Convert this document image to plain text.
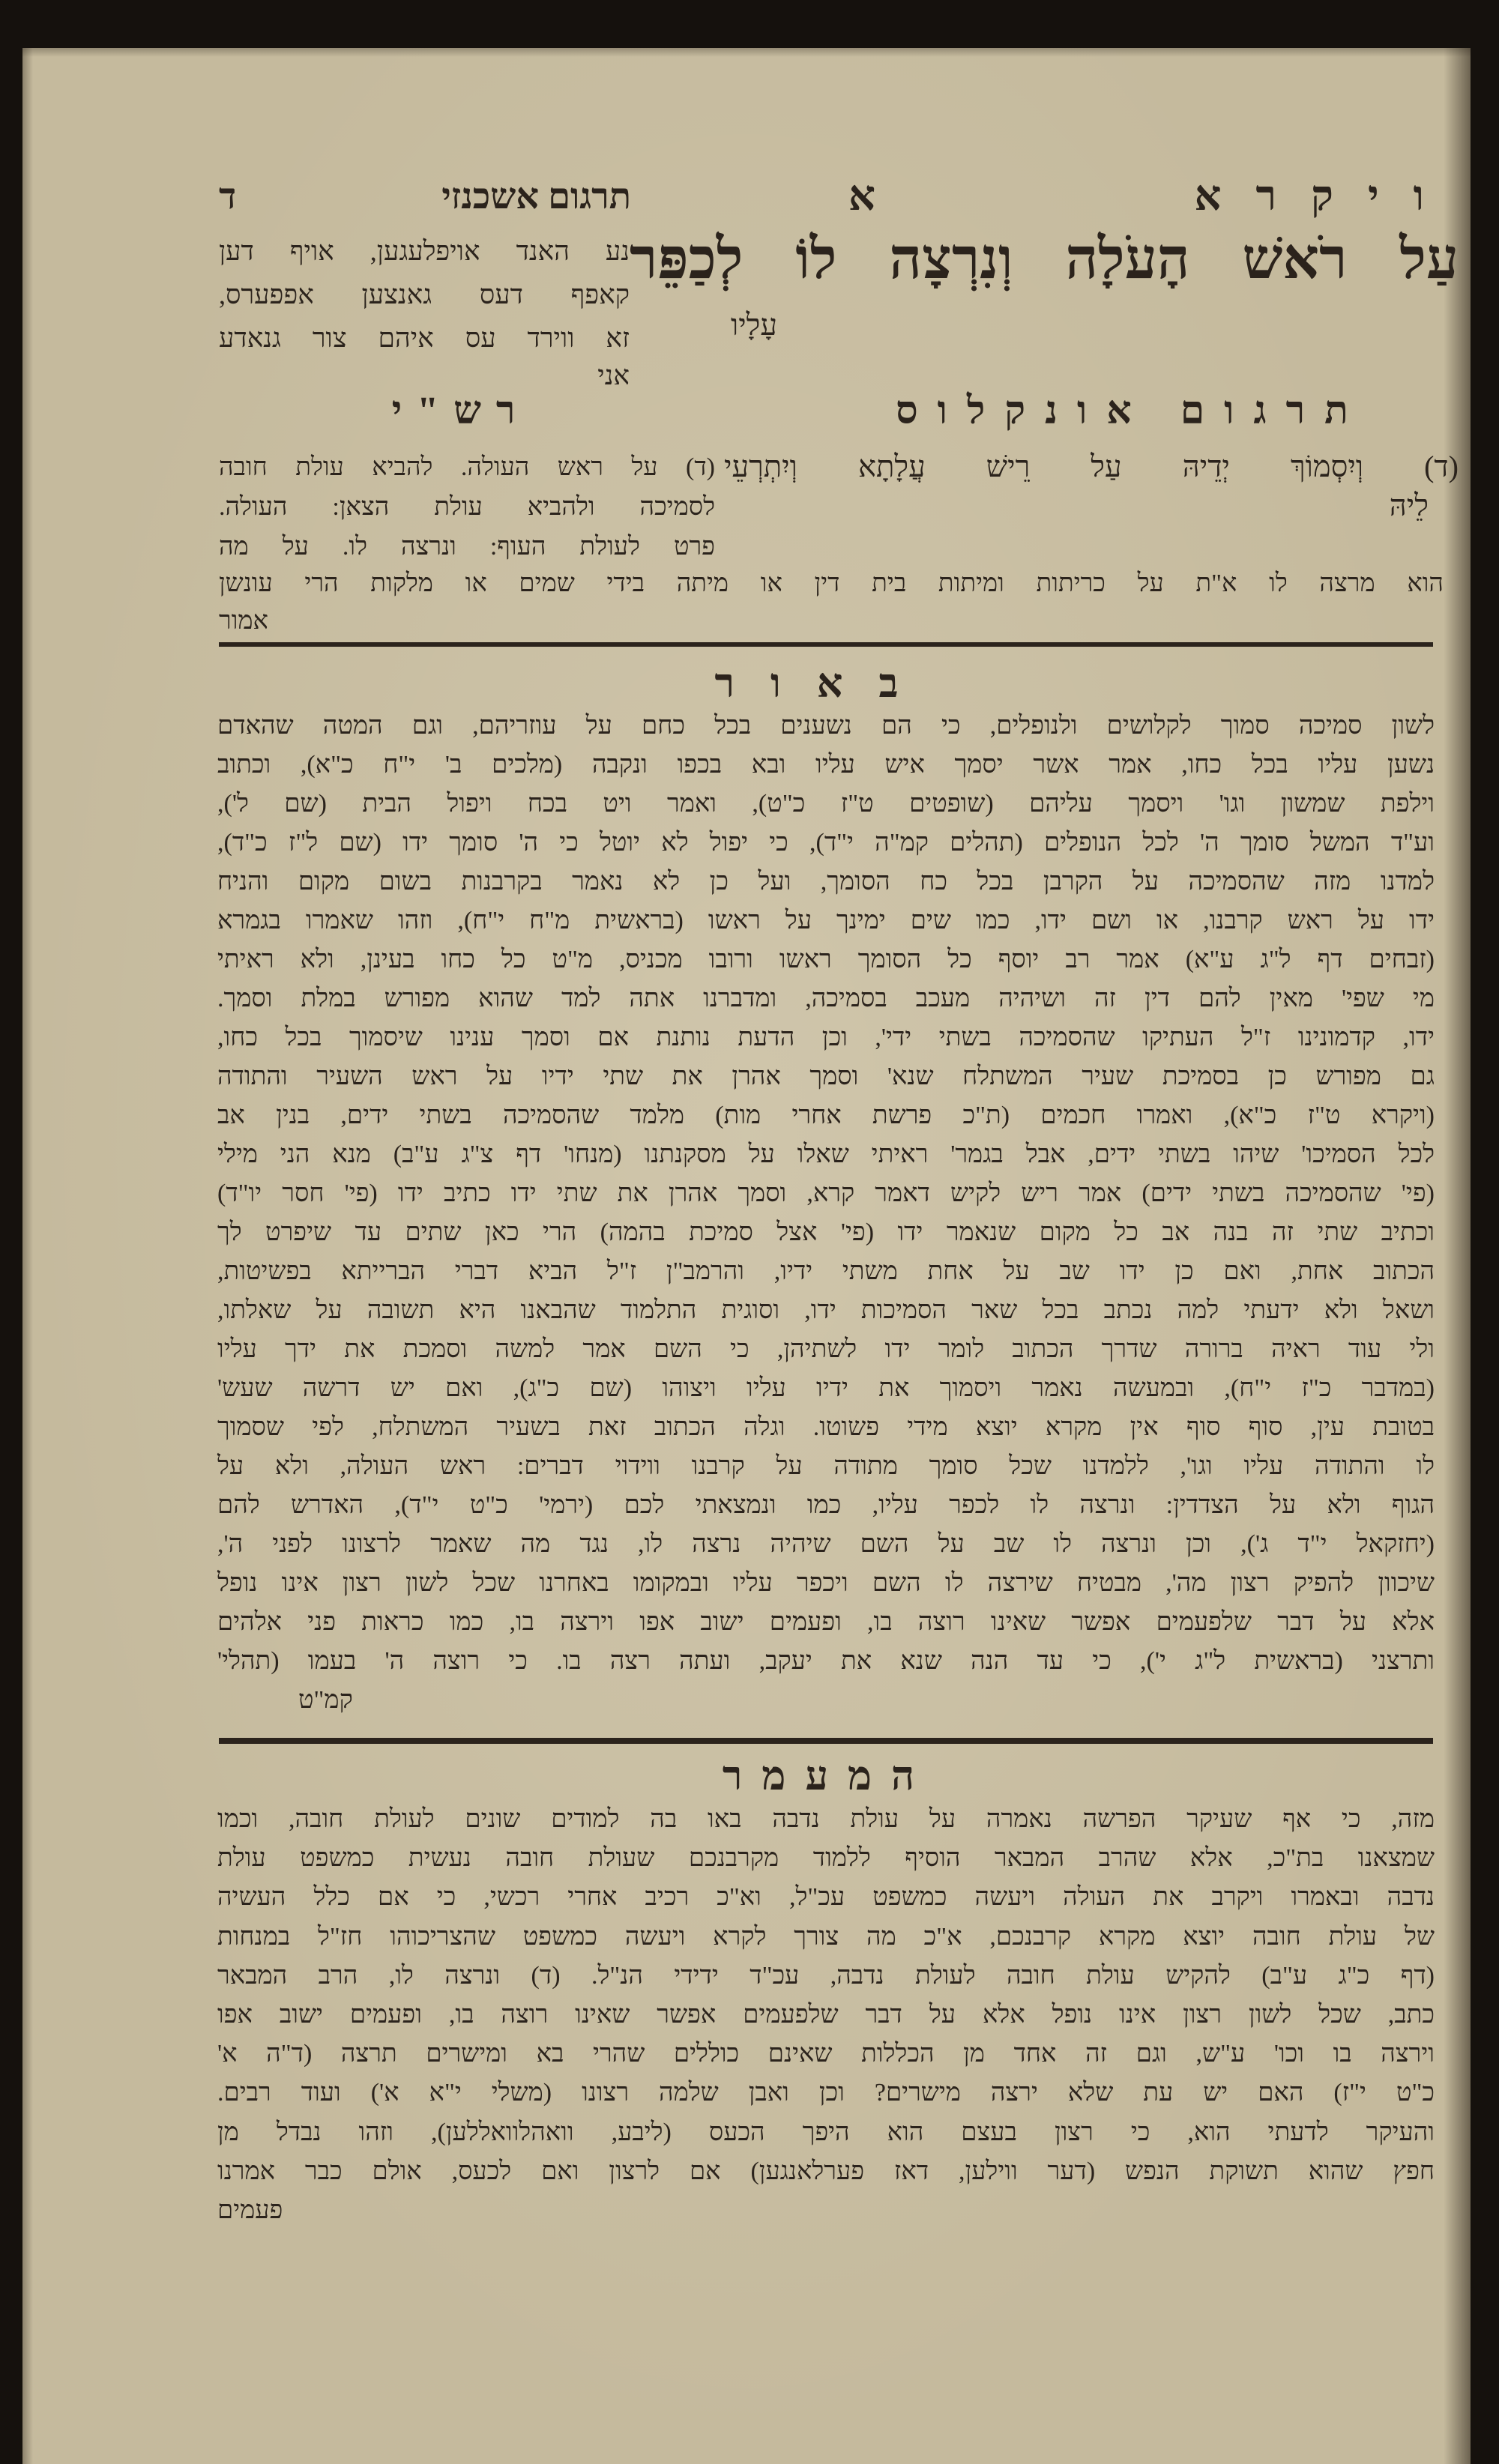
ויקרא
א
תרגום אשכנזי
ד
עַל רֹאשׁ הָעֹלָה וְנִרְצָה לוֹ לְכַפֵּר
עָלָיו
נע האנד אויפלעגען, אויף דען
קאפף דעס גאנצען אפפערס,
זא ווירד עס איהם צור גנאדע
אני
תרגום אונקלוס
רש"י
(ד) וְיִסְמוֹךְ יְדֵיהּ עַל רֵישׁ עֲלָתָא וְיִתְרְעֵי
לֵיהּ
(ד) על ראש העולה. להביא עולת חובה
לסמיכה ולהביא עולת הצאן: העולה.
פרט לעולת העוף: ונרצה לו. על מה
הוא מרצה לו א"ת על כריתות ומיתות בית דין או מיתה בידי שמים או מלקות הרי עונשן
אמור
באור
לשון סמיכה סמוך לקלושים ולנופלים, כי הם נשענים בכל כחם על עוזריהם, וגם המטה שהאדם
נשען עליו בכל כחו, אמר אשר יסמך איש עליו ובא בכפו ונקבה (מלכים ב' י"ח כ"א), וכתוב
וילפת שמשון וגו' ויסמך עליהם (שופטים ט"ז כ"ט), ואמר ויט בכח ויפול הבית (שם ל'),
וע"ד המשל סומך ה' לכל הנופלים (תהלים קמ"ה י"ד), כי יפול לא יוטל כי ה' סומך ידו (שם ל"ז כ"ד),
למדנו מזה שהסמיכה על הקרבן בכל כח הסומך, ועל כן לא נאמר בקרבנות בשום מקום והניח
ידו על ראש קרבנו, או ושם ידו, כמו שים ימינך על ראשו (בראשית מ"ח י"ח), וזהו שאמרו בגמרא
(זבחים דף ל"ג ע"א) אמר רב יוסף כל הסומך ראשו ורובו מכניס, מ"ט כל כחו בעינן, ולא ראיתי
מי שפי' מאין להם דין זה ושיהיה מעכב בסמיכה, ומדברנו אתה למד שהוא מפורש במלת וסמך.
ידו, קדמונינו ז"ל העתיקו שהסמיכה בשתי ידי', וכן הדעת נותנת אם וסמך ענינו שיסמוך בכל כחו,
גם מפורש כן בסמיכת שעיר המשתלח שנא' וסמך אהרן את שתי ידיו על ראש השעיר והתודה
(ויקרא ט"ז כ"א), ואמרו חכמים (ת"כ פרשת אחרי מות) מלמד שהסמיכה בשתי ידים, בנין אב
לכל הסמיכו' שיהו בשתי ידים, אבל בגמר' ראיתי שאלו על מסקנתנו (מנחו' דף צ"ג ע"ב) מנא הני מילי
(פי' שהסמיכה בשתי ידים) אמר ריש לקיש דאמר קרא, וסמך אהרן את שתי ידו כתיב ידו (פי' חסר יו"ד)
וכתיב שתי זה בנה אב כל מקום שנאמר ידו (פי' אצל סמיכת בהמה) הרי כאן שתים עד שיפרט לך
הכתוב אחת, ואם כן ידו שב על אחת משתי ידיו, והרמב"ן ז"ל הביא דברי הברייתא בפשיטות,
ושאל ולא ידעתי למה נכתב בכל שאר הסמיכות ידו, וסוגית התלמוד שהבאנו היא תשובה על שאלתו,
ולי עוד ראיה ברורה שדרך הכתוב לומר ידו לשתיהן, כי השם אמר למשה וסמכת את ידך עליו
(במדבר כ"ז י"ח), ובמעשה נאמר ויסמוך את ידיו עליו ויצוהו (שם כ"ג), ואם יש דרשה שעש'
בטובת עין, סוף סוף אין מקרא יוצא מידי פשוטו. וגלה הכתוב זאת בשעיר המשתלח, לפי שסמוך
לו והתודה עליו וגו', ללמדנו שכל סומך מתודה על קרבנו ווידוי דברים: ראש העולה, ולא על
הגוף ולא על הצדדין: ונרצה לו לכפר עליו, כמו ונמצאתי לכם (ירמי' כ"ט י"ד), האדרש להם
(יחזקאל י"ד ג'), וכן ונרצה לו שב על השם שיהיה נרצה לו, נגד מה שאמר לרצונו לפני ה',
שיכוון להפיק רצון מה', מבטיח שירצה לו השם ויכפר עליו ובמקומו באחרנו שכל לשון רצון אינו נופל
אלא על דבר שלפעמים אפשר שאינו רוצה בו, ופעמים ישוב אפו וירצה בו, כמו כראות פני אלהים
ותרצני (בראשית ל"ג י'), כי עד הנה שנא את יעקב, ועתה רצה בו. כי רוצה ה' בעמו (תהלי'
קמ"ט
המעמר
מזה, כי אף שעיקר הפרשה נאמרה על עולת נדבה באו בה למודים שונים לעולת חובה, וכמו
שמצאנו בת"כ, אלא שהרב המבאר הוסיף ללמוד מקרבנכם שעולת חובה נעשית כמשפט עולת
נדבה ובאמרו ויקרב את העולה ויעשה כמשפט עכ"ל, וא"כ רכיב אחרי רכשי, כי אם כלל העשיה
של עולת חובה יוצא מקרא קרבנכם, א"כ מה צורך לקרא ויעשה כמשפט שהצריכוהו חז"ל במנחות
(דף כ"ג ע"ב) להקיש עולת חובה לעולת נדבה, עכ"ד ידידי הנ"ל. (ד) ונרצה לו, הרב המבאר
כתב, שכל לשון רצון אינו נופל אלא על דבר שלפעמים אפשר שאינו רוצה בו, ופעמים ישוב אפו
וירצה בו וכו' ע"ש, וגם זה אחד מן הכללות שאינם כוללים שהרי בא ומישרים תרצה (ד"ה א'
כ"ט י"ז) האם יש עת שלא ירצה מישרים? וכן ואבן שלמה רצונו (משלי י"א א') ועוד רבים.
והעיקר לדעתי הוא, כי רצון בעצם הוא היפך הכעס (ליבע, וואהלוואללען), וזהו נבדל מן
חפץ שהוא תשוקת הנפש (דער ווילען, דאז פערלאנגען) אם לרצון ואם לכעס, אולם כבר אמרנו
פעמים
